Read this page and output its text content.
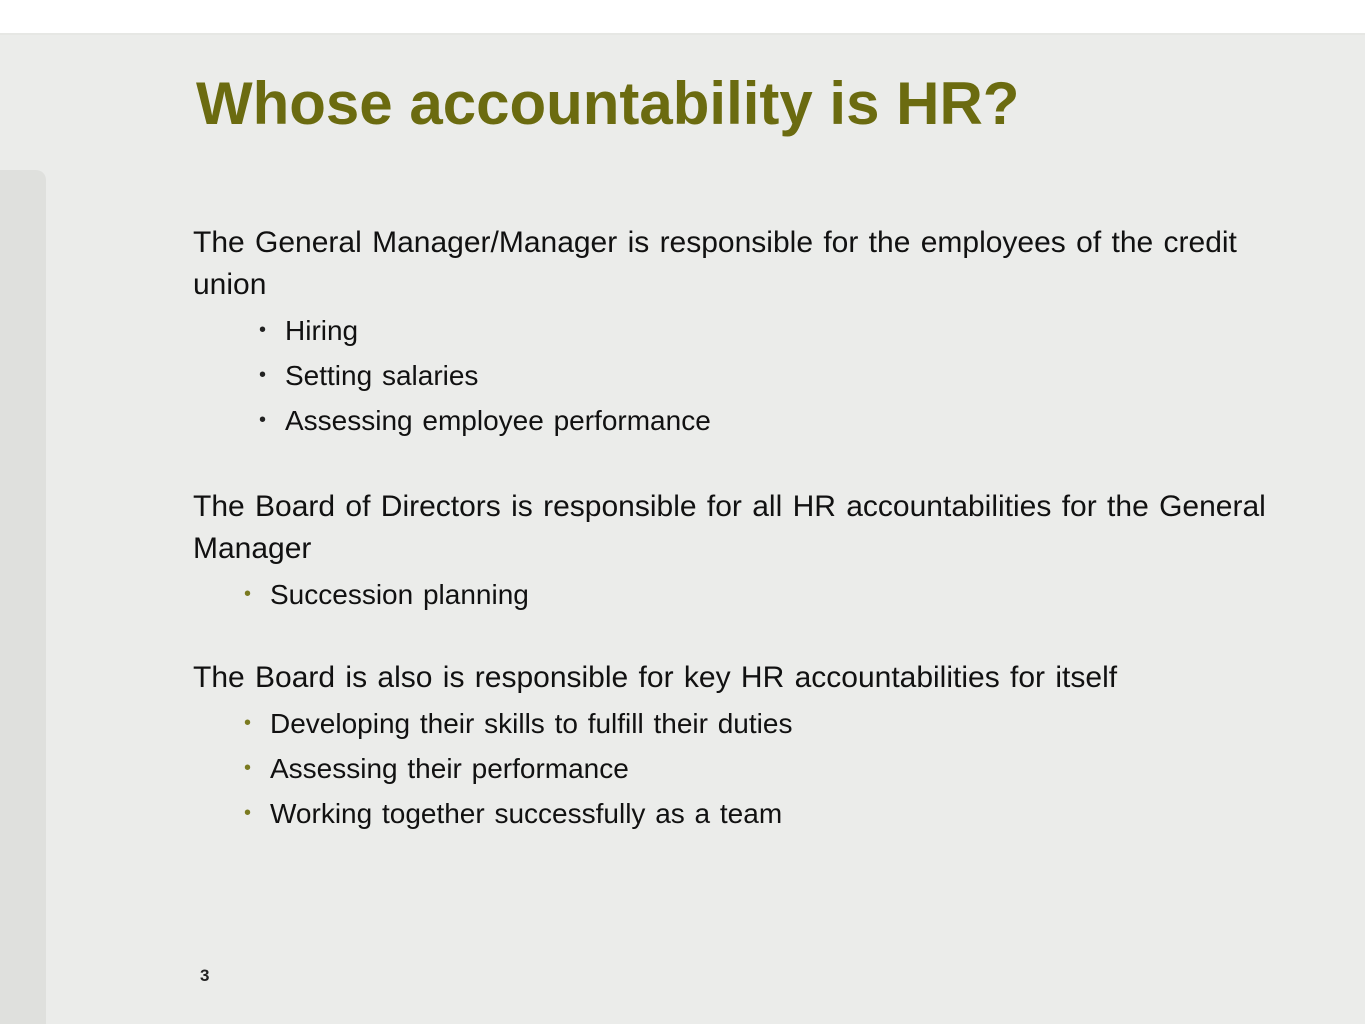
Whose accountability is HR?

The General Manager/Manager is responsible for the employees of the credit union

• Hiring
• Setting salaries
• Assessing employee performance

The Board of Directors is responsible for all HR accountabilities for the General Manager

• Succession planning

The Board is also is responsible for key HR accountabilities for itself

• Developing their skills to fulfill their duties
• Assessing their performance
• Working together successfully as a team
3
